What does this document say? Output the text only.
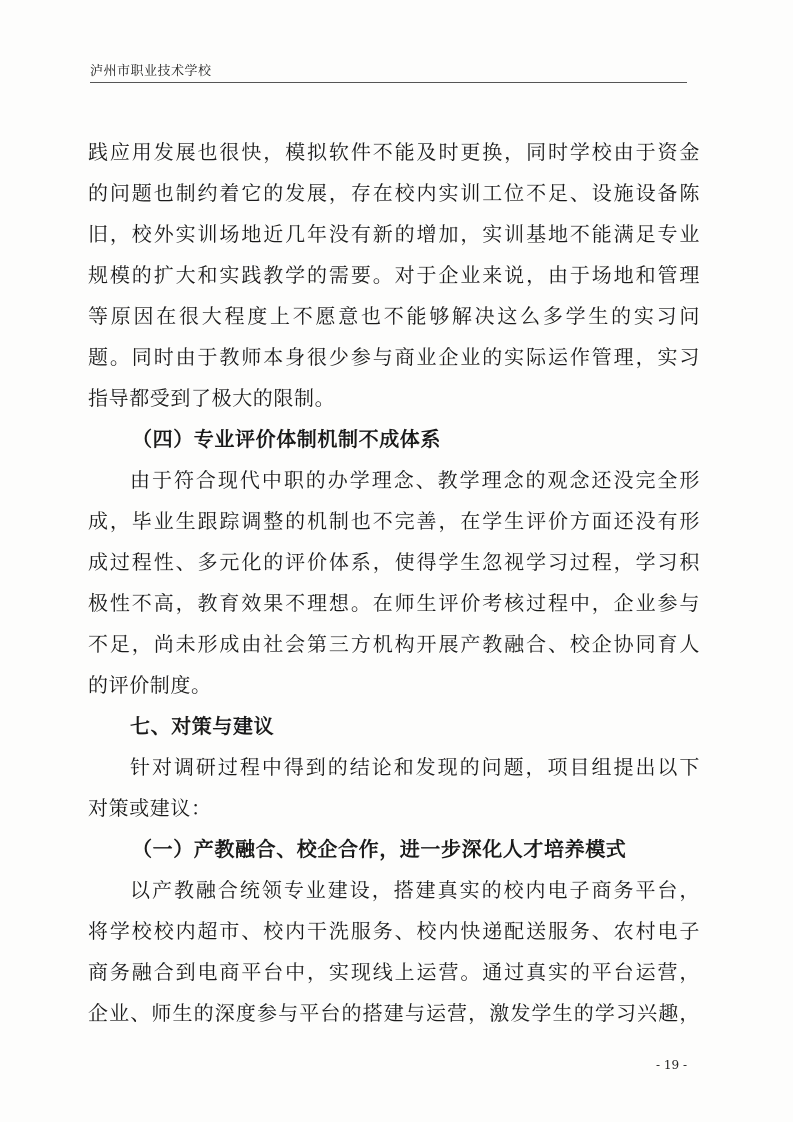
泸州市职业技术学校
践应用发展也很快，模拟软件不能及时更换，同时学校由于资金
的问题也制约着它的发展，存在校内实训工位不足、设施设备陈
旧，校外实训场地近几年没有新的增加，实训基地不能满足专业
规模的扩大和实践教学的需要。对于企业来说，由于场地和管理
等原因在很大程度上不愿意也不能够解决这么多学生的实习问
题。同时由于教师本身很少参与商业企业的实际运作管理，实习
指导都受到了极大的限制。
（四）专业评价体制机制不成体系
由于符合现代中职的办学理念、教学理念的观念还没完全形
成，毕业生跟踪调整的机制也不完善，在学生评价方面还没有形
成过程性、多元化的评价体系，使得学生忽视学习过程，学习积
极性不高，教育效果不理想。在师生评价考核过程中，企业参与
不足，尚未形成由社会第三方机构开展产教融合、校企协同育人
的评价制度。
七、对策与建议
针对调研过程中得到的结论和发现的问题，项目组提出以下
对策或建议：
（一）产教融合、校企合作，进一步深化人才培养模式
以产教融合统领专业建设，搭建真实的校内电子商务平台，
将学校校内超市、校内干洗服务、校内快递配送服务、农村电子
商务融合到电商平台中，实现线上运营。通过真实的平台运营，
企业、师生的深度参与平台的搭建与运营，激发学生的学习兴趣，
- 19 -
